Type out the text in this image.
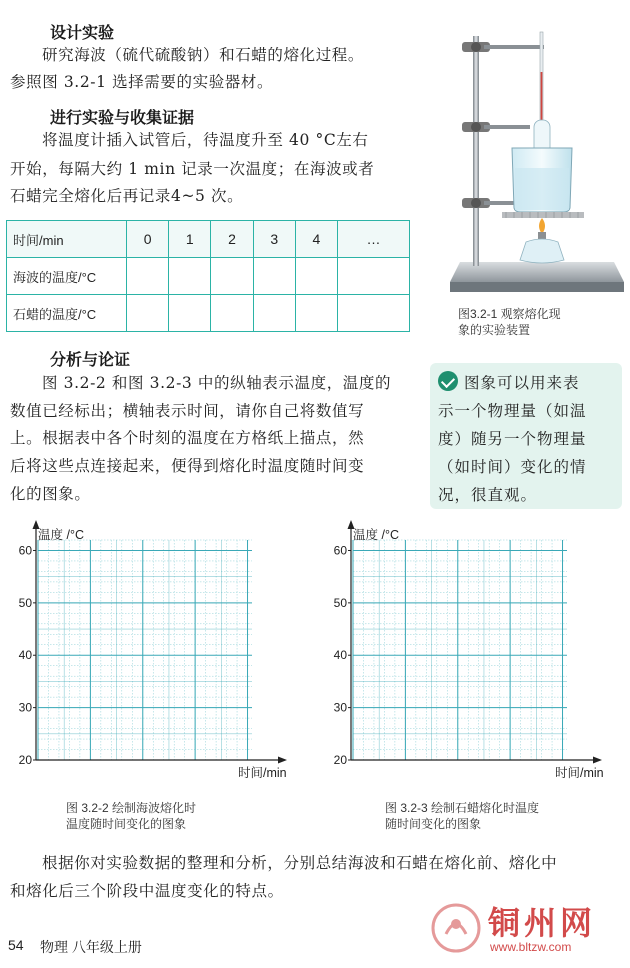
设计实验
研究海波（硫代硫酸钠）和石蜡的熔化过程。
参照图 3.2-1 选择需要的实验器材。
进行实验与收集证据
将温度计插入试管后，待温度升至 40 °C左右
开始，每隔大约 1 min 记录一次温度；在海波或者
石蜡完全熔化后再记录4~5 次。
时间/min	0	1	2	3	4	…
海波的温度/°C						
石蜡的温度/°C							图3.2-1 观察熔化现
象的实验装置
分析与论证
图 3.2-2 和图 3.2-3 中的纵轴表示温度，温度的
数值已经标出；横轴表示时间，请你自己将数值写
上。根据表中各个时刻的温度在方格纸上描点，然
后将这些点连接起来，便得到熔化时温度随时间变
化的图象。
图象可以用来表
示一个物理量（如温
度）随另一个物理量
（如时间）变化的情
况，很直观。
20
30
40
50
60
温度 /°C
时间/min
图 3.2-2 绘制海波熔化时
温度随时间变化的图象
20
30
40
50
60
温度 /°C
时间/min
图 3.2-3 绘制石蜡熔化时温度
随时间变化的图象
根据你对实验数据的整理和分析，分别总结海波和石蜡在熔化前、熔化中
和熔化后三个阶段中温度变化的特点。
54 物理 八年级上册
铜州网
www.bltzw.com
